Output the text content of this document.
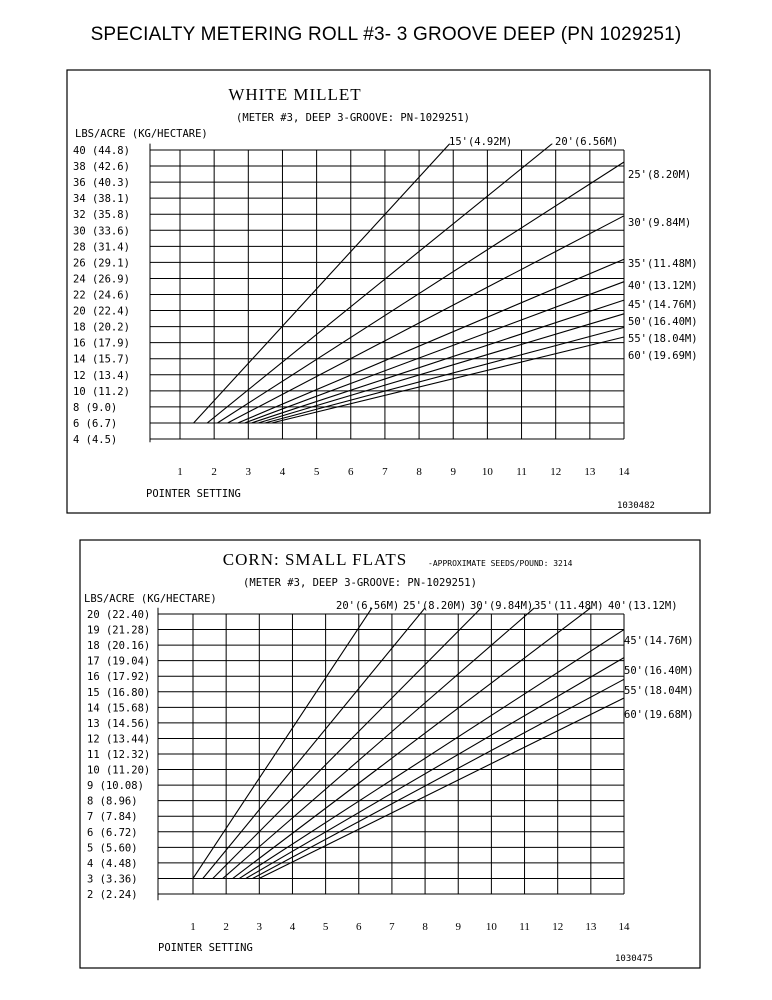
SPECIALTY METERING ROLL #3- 3 GROOVE DEEP (PN 1029251)
WHITE MILLET
(METER #3, DEEP 3-GROOVE: PN-1029251)
LBS/ACRE (KG/HECTARE)
POINTER SETTING
1030482
40 (44.8)
38 (42.6)
36 (40.3)
34 (38.1)
32 (35.8)
30 (33.6)
28 (31.4)
26 (29.1)
24 (26.9)
22 (24.6)
20 (22.4)
18 (20.2)
16 (17.9)
14 (15.7)
12 (13.4)
10 (11.2)
8 (9.0)
6 (6.7)
4 (4.5)
1	2	3	4	5	6	7	8	9 10 11 12 13 14
15'(4.92M)	20'(6.56M)
25'(8.20M)
30'(9.84M)
35'(11.48M)
40'(13.12M)
45'(14.76M)
50'(16.40M)
55'(18.04M)
60'(19.69M)
CORN: SMALL FLATS	-APPROXIMATE SEEDS/POUND: 3214
(METER #3, DEEP 3-GROOVE: PN-1029251)
LBS/ACRE (KG/HECTARE)
POINTER SETTING
1030475
20 (22.40)
19 (21.28)
18 (20.16)
17 (19.04)
16 (17.92)
15 (16.80)
14 (15.68)
13 (14.56)
12 (13.44)
11 (12.32)
10 (11.20)
9 (10.08)
8 (8.96)
7 (7.84)
6 (6.72)
5 (5.60)
4 (4.48)
3 (3.36)
2 (2.24)
1	2	3	4	5	6	7	8	9 10 11 12 13 14
20'(6.56M) 25'(8.20M) 30'(9.84M) 35'(11.48M) 40'(13.12M)
45'(14.76M)
50'(16.40M)
55'(18.04M)
60'(19.68M)
